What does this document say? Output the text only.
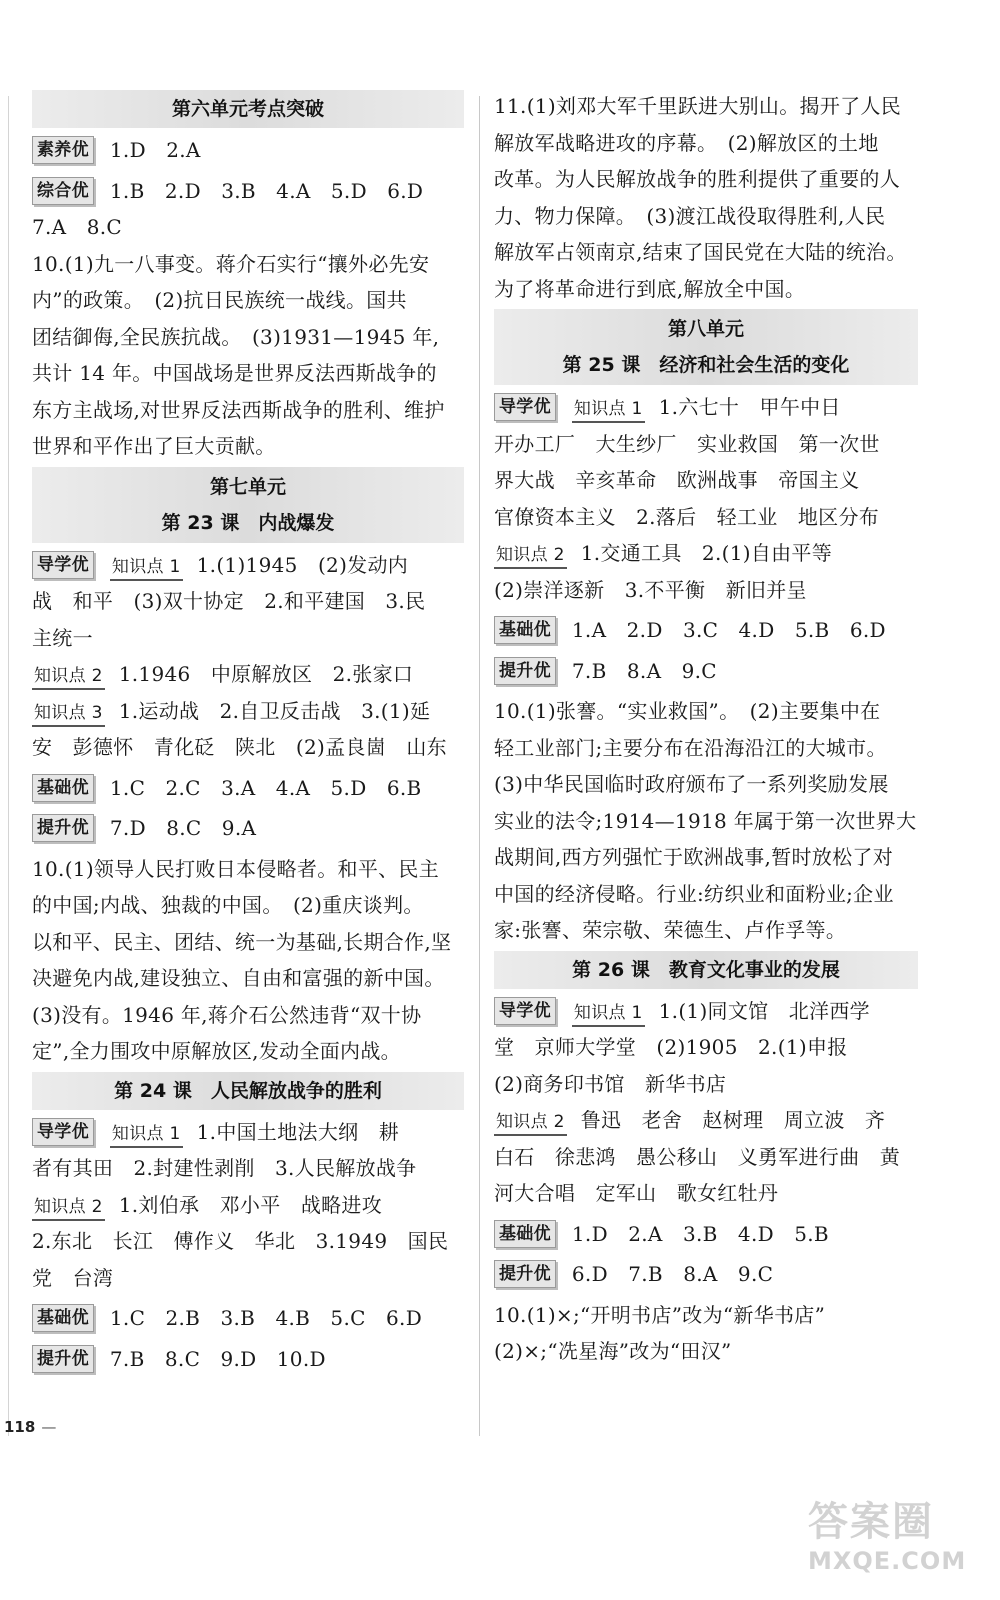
第六单元考点突破
素养优 1.D　2.A
综合优 1.B　2.D　3.B　4.A　5.D　6.D
7.A　8.C
10.(1)九一八事变。蒋介石实行“攘外必先安
内”的政策。　(2)抗日民族统一战线。国共
团结御侮,全民族抗战。　(3)1931—1945 年,
共计 14 年。中国战场是世界反法西斯战争的
东方主战场,对世界反法西斯战争的胜利、维护
世界和平作出了巨大贡献。
第七单元
第 23 课　内战爆发
导学优 知识点 1 1.(1)1945　(2)发动内
战　和平　(3)双十协定　2.和平建国　3.民
主统一
知识点 2 1.1946　中原解放区　2.张家口
知识点 3 1.运动战　2.自卫反击战　3.(1)延
安　彭德怀　青化砭　陕北　(2)孟良崮　山东
基础优 1.C　2.C　3.A　4.A　5.D　6.B
提升优 7.D　8.C　9.A
10.(1)领导人民打败日本侵略者。和平、民主
的中国;内战、独裁的中国。　(2)重庆谈判。
以和平、民主、团结、统一为基础,长期合作,坚
决避免内战,建设独立、自由和富强的新中国。
(3)没有。1946 年,蒋介石公然违背“双十协
定”,全力围攻中原解放区,发动全面内战。
第 24 课　人民解放战争的胜利
导学优 知识点 1 1.中国土地法大纲　耕
者有其田　2.封建性剥削　3.人民解放战争
知识点 2 1.刘伯承　邓小平　战略进攻
2.东北　长江　傅作义　华北　3.1949　国民
党　台湾
基础优 1.C　2.B　3.B　4.B　5.C　6.D
提升优 7.B　8.C　9.D　10.D
11.(1)刘邓大军千里跃进大别山。揭开了人民
解放军战略进攻的序幕。　(2)解放区的土地
改革。为人民解放战争的胜利提供了重要的人
力、物力保障。　(3)渡江战役取得胜利,人民
解放军占领南京,结束了国民党在大陆的统治。
为了将革命进行到底,解放全中国。
第八单元
第 25 课　经济和社会生活的变化
导学优 知识点 1 1.六七十　甲午中日
开办工厂　大生纱厂　实业救国　第一次世
界大战　辛亥革命　欧洲战事　帝国主义
官僚资本主义　2.落后　轻工业　地区分布
知识点 2 1.交通工具　2.(1)自由平等
(2)崇洋逐新　3.不平衡　新旧并呈
基础优 1.A　2.D　3.C　4.D　5.B　6.D
提升优 7.B　8.A　9.C
10.(1)张謇。“实业救国”。　(2)主要集中在
轻工业部门;主要分布在沿海沿江的大城市。
(3)中华民国临时政府颁布了一系列奖励发展
实业的法令;1914—1918 年属于第一次世界大
战期间,西方列强忙于欧洲战事,暂时放松了对
中国的经济侵略。行业:纺织业和面粉业;企业
家:张謇、荣宗敬、荣德生、卢作孚等。
第 26 课　教育文化事业的发展
导学优 知识点 1 1.(1)同文馆　北洋西学
堂　京师大学堂　(2)1905　2.(1)申报
(2)商务印书馆　新华书店
知识点 2 鲁迅　老舍　赵树理　周立波　齐
白石　徐悲鸿　愚公移山　义勇军进行曲　黄
河大合唱　定军山　歌女红牡丹
基础优 1.D　2.A　3.B　4.D　5.B
提升优 6.D　7.B　8.A　9.C
10.(1)×;“开明书店”改为“新华书店”
(2)×;“冼星海”改为“田汉”
118 —
答案圈
MXQE.COM
